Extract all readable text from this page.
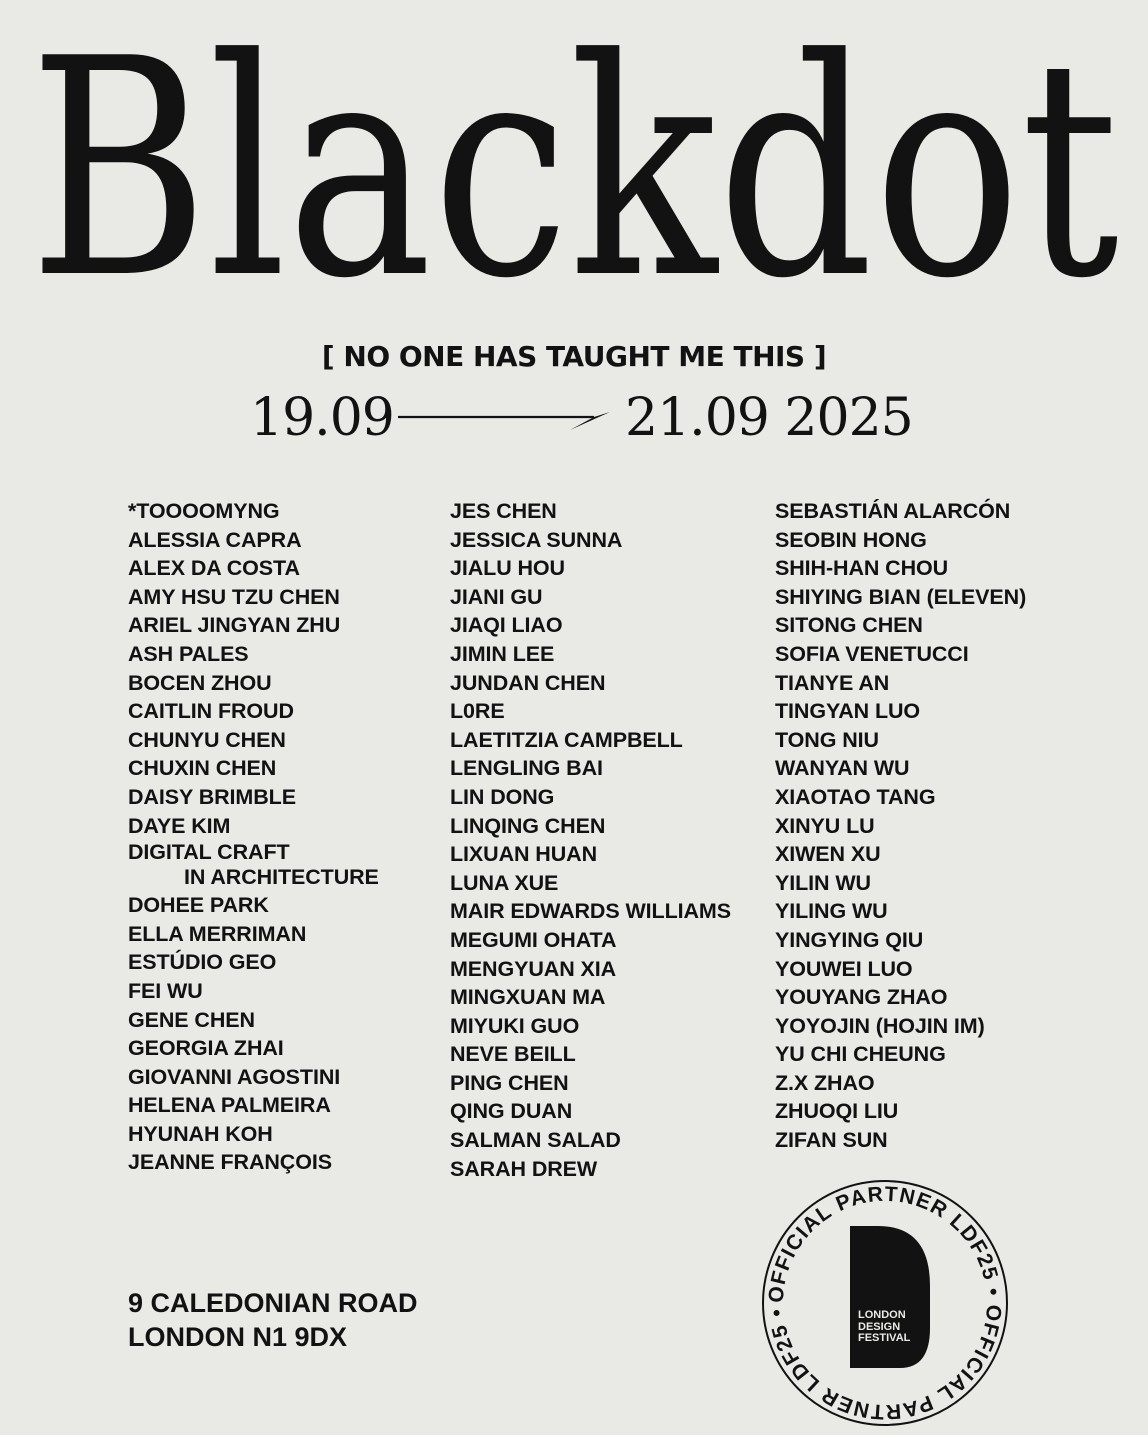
Blackdot
[ NO ONE HAS TAUGHT ME THIS ]
19.09	21.09 2025
*TOOOOMYNG
ALESSIA CAPRA
ALEX DA COSTA
AMY HSU TZU CHEN
ARIEL JINGYAN ZHU
ASH PALES
BOCEN ZHOU
CAITLIN FROUD
CHUNYU CHEN
CHUXIN CHEN
DAISY BRIMBLE
DAYE KIM
DIGITAL CRAFT
IN ARCHITECTURE
DOHEE PARK
ELLA MERRIMAN
ESTÚDIO GEO
FEI WU
GENE CHEN
GEORGIA ZHAI
GIOVANNI AGOSTINI
HELENA PALMEIRA
HYUNAH KOH
JEANNE FRANÇOIS
JES CHEN
JESSICA SUNNA
JIALU HOU
JIANI GU
JIAQI LIAO
JIMIN LEE
JUNDAN CHEN
L0RE
LAETITZIA CAMPBELL
LENGLING BAI
LIN DONG
LINQING CHEN
LIXUAN HUAN
LUNA XUE
MAIR EDWARDS WILLIAMS
MEGUMI OHATA
MENGYUAN XIA
MINGXUAN MA
MIYUKI GUO
NEVE BEILL
PING CHEN
QING DUAN
SALMAN SALAD
SARAH DREW
SEBASTIÁN ALARCÓN
SEOBIN HONG
SHIH-HAN CHOU
SHIYING BIAN (ELEVEN)
SITONG CHEN
SOFIA VENETUCCI
TIANYE AN
TINGYAN LUO
TONG NIU
WANYAN WU
XIAOTAO TANG
XINYU LU
XIWEN XU
YILIN WU
YILING WU
YINGYING QIU
YOUWEI LUO
YOUYANG ZHAO
YOYOJIN (HOJIN IM)
YU CHI CHEUNG
Z.X ZHAO
ZHUOQI LIU
ZIFAN SUN
9 CALEDONIAN ROAD
LONDON N1 9DX
OFFICIAL PARTNER LDF25 • OFFICIAL PARTNER LDF25 •	LONDON
DESIGN
FESTIVAL
